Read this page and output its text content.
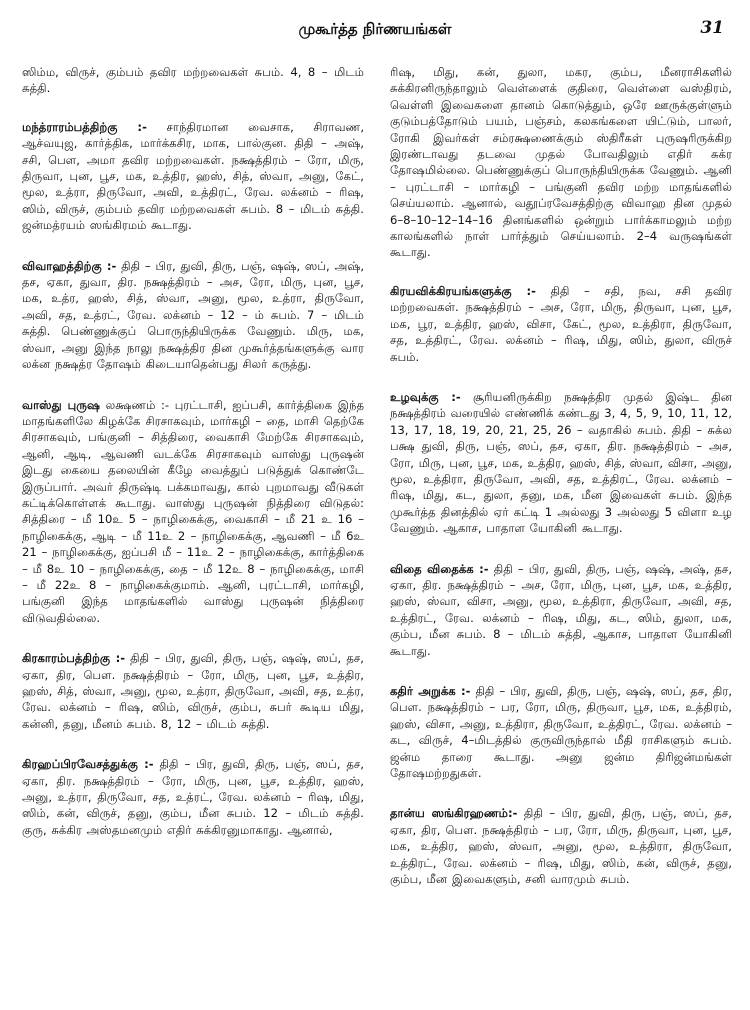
முகூர்த்த நிர்ணயங்கள்	31

ஸிம்ம, விருச், கும்பம் தவிர மற்றவைகள் சுபம். 4, 8 – மிடம் சுத்தி.

மந்த்ராரம்பத்திற்கு :- சாந்திரமான வைசாக, சிராவண, ஆச்வயுஜ, கார்த்திக, மார்க்கசிர, மாக, பால்குன. திதி – அஷ், சசி, பௌ, அமா தவிர மற்றவைகள். நக்ஷத்திரம் – ரோ, மிரு, திருவா, புன, பூச, மக, உத்திர, ஹஸ், சித், ஸ்வா, அனு, கேட், மூல, உத்ரா, திருவோ, அவி, உத்திரட், ரேவ. லக்னம் – ரிஷ, ஸிம், விருச், கும்பம் தவிர மற்றவைகள் சுபம். 8 – மிடம் சுத்தி. ஜன்மத்ரயம் ஸங்கிரமம் கூடாது.

விவாஹத்திற்கு :- திதி – பிர, துவி, திரு, பஞ், ஷஷ், ஸப், அஷ், தச, ஏகா, துவா, திர. நக்ஷத்திரம் – அச, ரோ, மிரு, புன, பூச, மக, உத்ர, ஹஸ், சித், ஸ்வா, அனு, மூல, உத்ரா, திருவோ, அவி, சத, உத்ரட், ரேவ. லக்னம் – 12 – ம் சுபம். 7 – மிடம் சுத்தி. பெண்ணுக்குப் பொருந்தியிருக்க வேணும். மிரு, மக, ஸ்வா, அனு இந்த நாலு நக்ஷத்திர தின முகூர்த்தங்களுக்கு வார லக்ன நக்ஷத்ர தோஷம் கிடையாதென்பது சிலர் கருத்து.

வாஸ்து புருஷ லக்ஷணம் :- புரட்டாசி, ஐப்பசி, கார்த்திகை இந்த மாதங்களிலே கிழக்கே சிரசாகவும், மார்கழி – தை, மாசி தெற்கே சிரசாகவும், பங்குனி – சித்திரை, வைகாசி மேற்கே சிரசாகவும், ஆனி, ஆடி, ஆவணி வடக்கே சிரசாகவும் வாஸ்து புருஷன் இடது கையை தலையின் கீழே வைத்துப் படுத்துக் கொண்டே இருப்பார். அவர் திருஷ்டி பக்கமாவது, கால் புறமாவது வீடுகள் கட்டிக்கொள்ளக் கூடாது. வாஸ்து புருஷன் நித்திரை விடுதல்: சித்திரை – மீ 10உ 5 – நாழிகைக்கு, வைகாசி – மீ 21 உ 16 – நாழிகைக்கு, ஆடி – மீ 11உ 2 – நாழிகைக்கு, ஆவணி – மீ 6உ 21 – நாழிகைக்கு, ஐப்பசி மீ – 11உ 2 – நாழிகைக்கு, கார்த்திகை – மீ 8உ 10 – நாழிகைக்கு, தை – மீ 12உ 8 – நாழிகைக்கு, மாசி – மீ 22உ 8 – நாழிகைக்குமாம். ஆனி, புரட்டாசி, மார்கழி, பங்குனி இந்த மாதங்களில் வாஸ்து புருஷன் நித்திரை விடுவதில்லை.

கிரகாரம்பத்திற்கு :- திதி – பிர, துவி, திரு, பஞ், ஷஷ், ஸப், தச, ஏகா, திர, பௌ. நக்ஷத்திரம் – ரோ, மிரு, புன, பூச, உத்திர, ஹஸ், சித், ஸ்வா, அனு, மூல, உத்ரா, திருவோ, அவி, சத, உத்ர, ரேவ. லக்னம் – ரிஷ, ஸிம், விருச், கும்ப, சுபர் கூடிய மிது, கன்னி, தனு, மீனம் சுபம். 8, 12 – மிடம் சுத்தி.

கிரஹப்பிரவேசத்துக்கு :- திதி – பிர, துவி, திரு, பஞ், ஸப், தச, ஏகா, திர. நக்ஷத்திரம் – ரோ, மிரு, புன, பூச, உத்திர, ஹஸ், அனு, உத்ரா, திருவோ, சத, உத்ரட், ரேவ. லக்னம் – ரிஷ, மிது, ஸிம், கன், விருச், தனு, கும்ப, மீன சுபம். 12 – மிடம் சுத்தி. குரு, சுக்கிர அஸ்தமனமும் எதிர் சுக்கிரனுமாகாது. ஆனால்,

ரிஷ, மிது, கன், துலா, மகர, கும்ப, மீனராசிகளில் சுக்கிரனிருந்தாலும் வெள்ளைக் குதிரை, வெள்ளை வஸ்திரம், வெள்ளி இவைகளை தானம் கொடுத்தும், ஒரே ஊருக்குள்ளும் குடும்பத்தோடும் பயம், பஞ்சம், கலகங்களை யிட்டும், பாலர், ரோகி இவர்கள் சம்ரக்ஷணைக்கும் ஸ்திரீகள் புருஷரிருக்கிற இரண்டாவது தடவை முதல் போவதிலும் எதிர் சுக்ர தோஷமில்லை. பெண்ணுக்குப் பொருந்தியிருக்க வேணும். ஆனி – புரட்டாசி – மார்கழி – பங்குனி தவிர மற்ற மாதங்களில் செய்யலாம். ஆனால், வதூப்ரவேசத்திற்கு விவாஹ தின முதல் 6–8–10–12–14–16 தினங்களில் ஒன்றும் பார்க்காமலும் மற்ற காலங்களில் நாள் பார்த்தும் செய்யலாம். 2–4 வருஷங்கள் கூடாது.

கிரயவிக்கிரயங்களுக்கு :- திதி – சதி, நவ, சசி தவிர மற்றவைகள். நக்ஷத்திரம் – அச, ரோ, மிரு, திருவா, புன, பூச, மக, பூர, உத்திர, ஹஸ், விசா, கேட், மூல, உத்திரா, திருவோ, சத, உத்திரட், ரேவ. லக்னம் – ரிஷ, மிது, ஸிம், துலா, விருச் சுபம்.

உழவுக்கு :- சூரியனிருக்கிற நக்ஷத்திர முதல் இஷ்ட தின நக்ஷத்திரம் வரையில் எண்ணிக் கண்டது 3, 4, 5, 9, 10, 11, 12, 13, 17, 18, 19, 20, 21, 25, 26 – வதாகில் சுபம். திதி – சுக்ல பக்ஷ துவி, திரு, பஞ், ஸப், தச, ஏகா, திர. நக்ஷத்திரம் – அச, ரோ, மிரு, புன, பூச, மக, உத்திர, ஹஸ், சித், ஸ்வா, விசா, அனு, மூல, உத்திரா, திருவோ, அவி, சத, உத்திரட், ரேவ. லக்னம் – ரிஷ, மிது, கட, துலா, தனு, மக, மீன இவைகள் சுபம். இந்த முகூர்த்த தினத்தில் ஏர் கட்டி 1 அல்லது 3 அல்லது 5 விளா உழ வேணும். ஆகாச, பாதாள யோகினி கூடாது.

விதை விதைக்க :- திதி – பிர, துவி, திரு, பஞ், ஷஷ், அஷ், தச, ஏகா, திர. நக்ஷத்திரம் – அச, ரோ, மிரு, புன, பூச, மக, உத்திர, ஹஸ், ஸ்வா, விசா, அனு, மூல, உத்திரா, திருவோ, அவி, சத, உத்திரட், ரேவ. லக்னம் – ரிஷ, மிது, கட, ஸிம், துலா, மக, கும்ப, மீன சுபம். 8 – மிடம் சுத்தி, ஆகாச, பாதாள யோகினி கூடாது.

கதிர் அறுக்க :- திதி – பிர, துவி, திரு, பஞ், ஷஷ், ஸப், தச, திர, பௌ. நக்ஷத்திரம் – பர, ரோ, மிரு, திருவா, பூச, மக, உத்திரம், ஹஸ், விசா, அனு, உத்திரா, திருவோ, உத்திரட், ரேவ. லக்னம் – கட, விருச், 4–மிடத்தில் குருவிருந்தால் மீதி ராசிகளும் சுபம். ஜன்ம தாரை கூடாது. அனு ஜன்ம திரிஜன்மங்கள் தோஷமற்றதுகள்.

தான்ய ஸங்கிரஹணம்:- திதி – பிர, துவி, திரு, பஞ், ஸப், தச, ஏகா, திர, பௌ. நக்ஷத்திரம் – பர, ரோ, மிரு, திருவா, புன, பூச, மக, உத்திர, ஹஸ், ஸ்வா, அனு, மூல, உத்திரா, திருவோ, உத்திரட், ரேவ. லக்னம் – ரிஷ, மிது, ஸிம், கன், விருச், தனு, கும்ப, மீன இவைகளும், சனி வாரமும் சுபம்.
